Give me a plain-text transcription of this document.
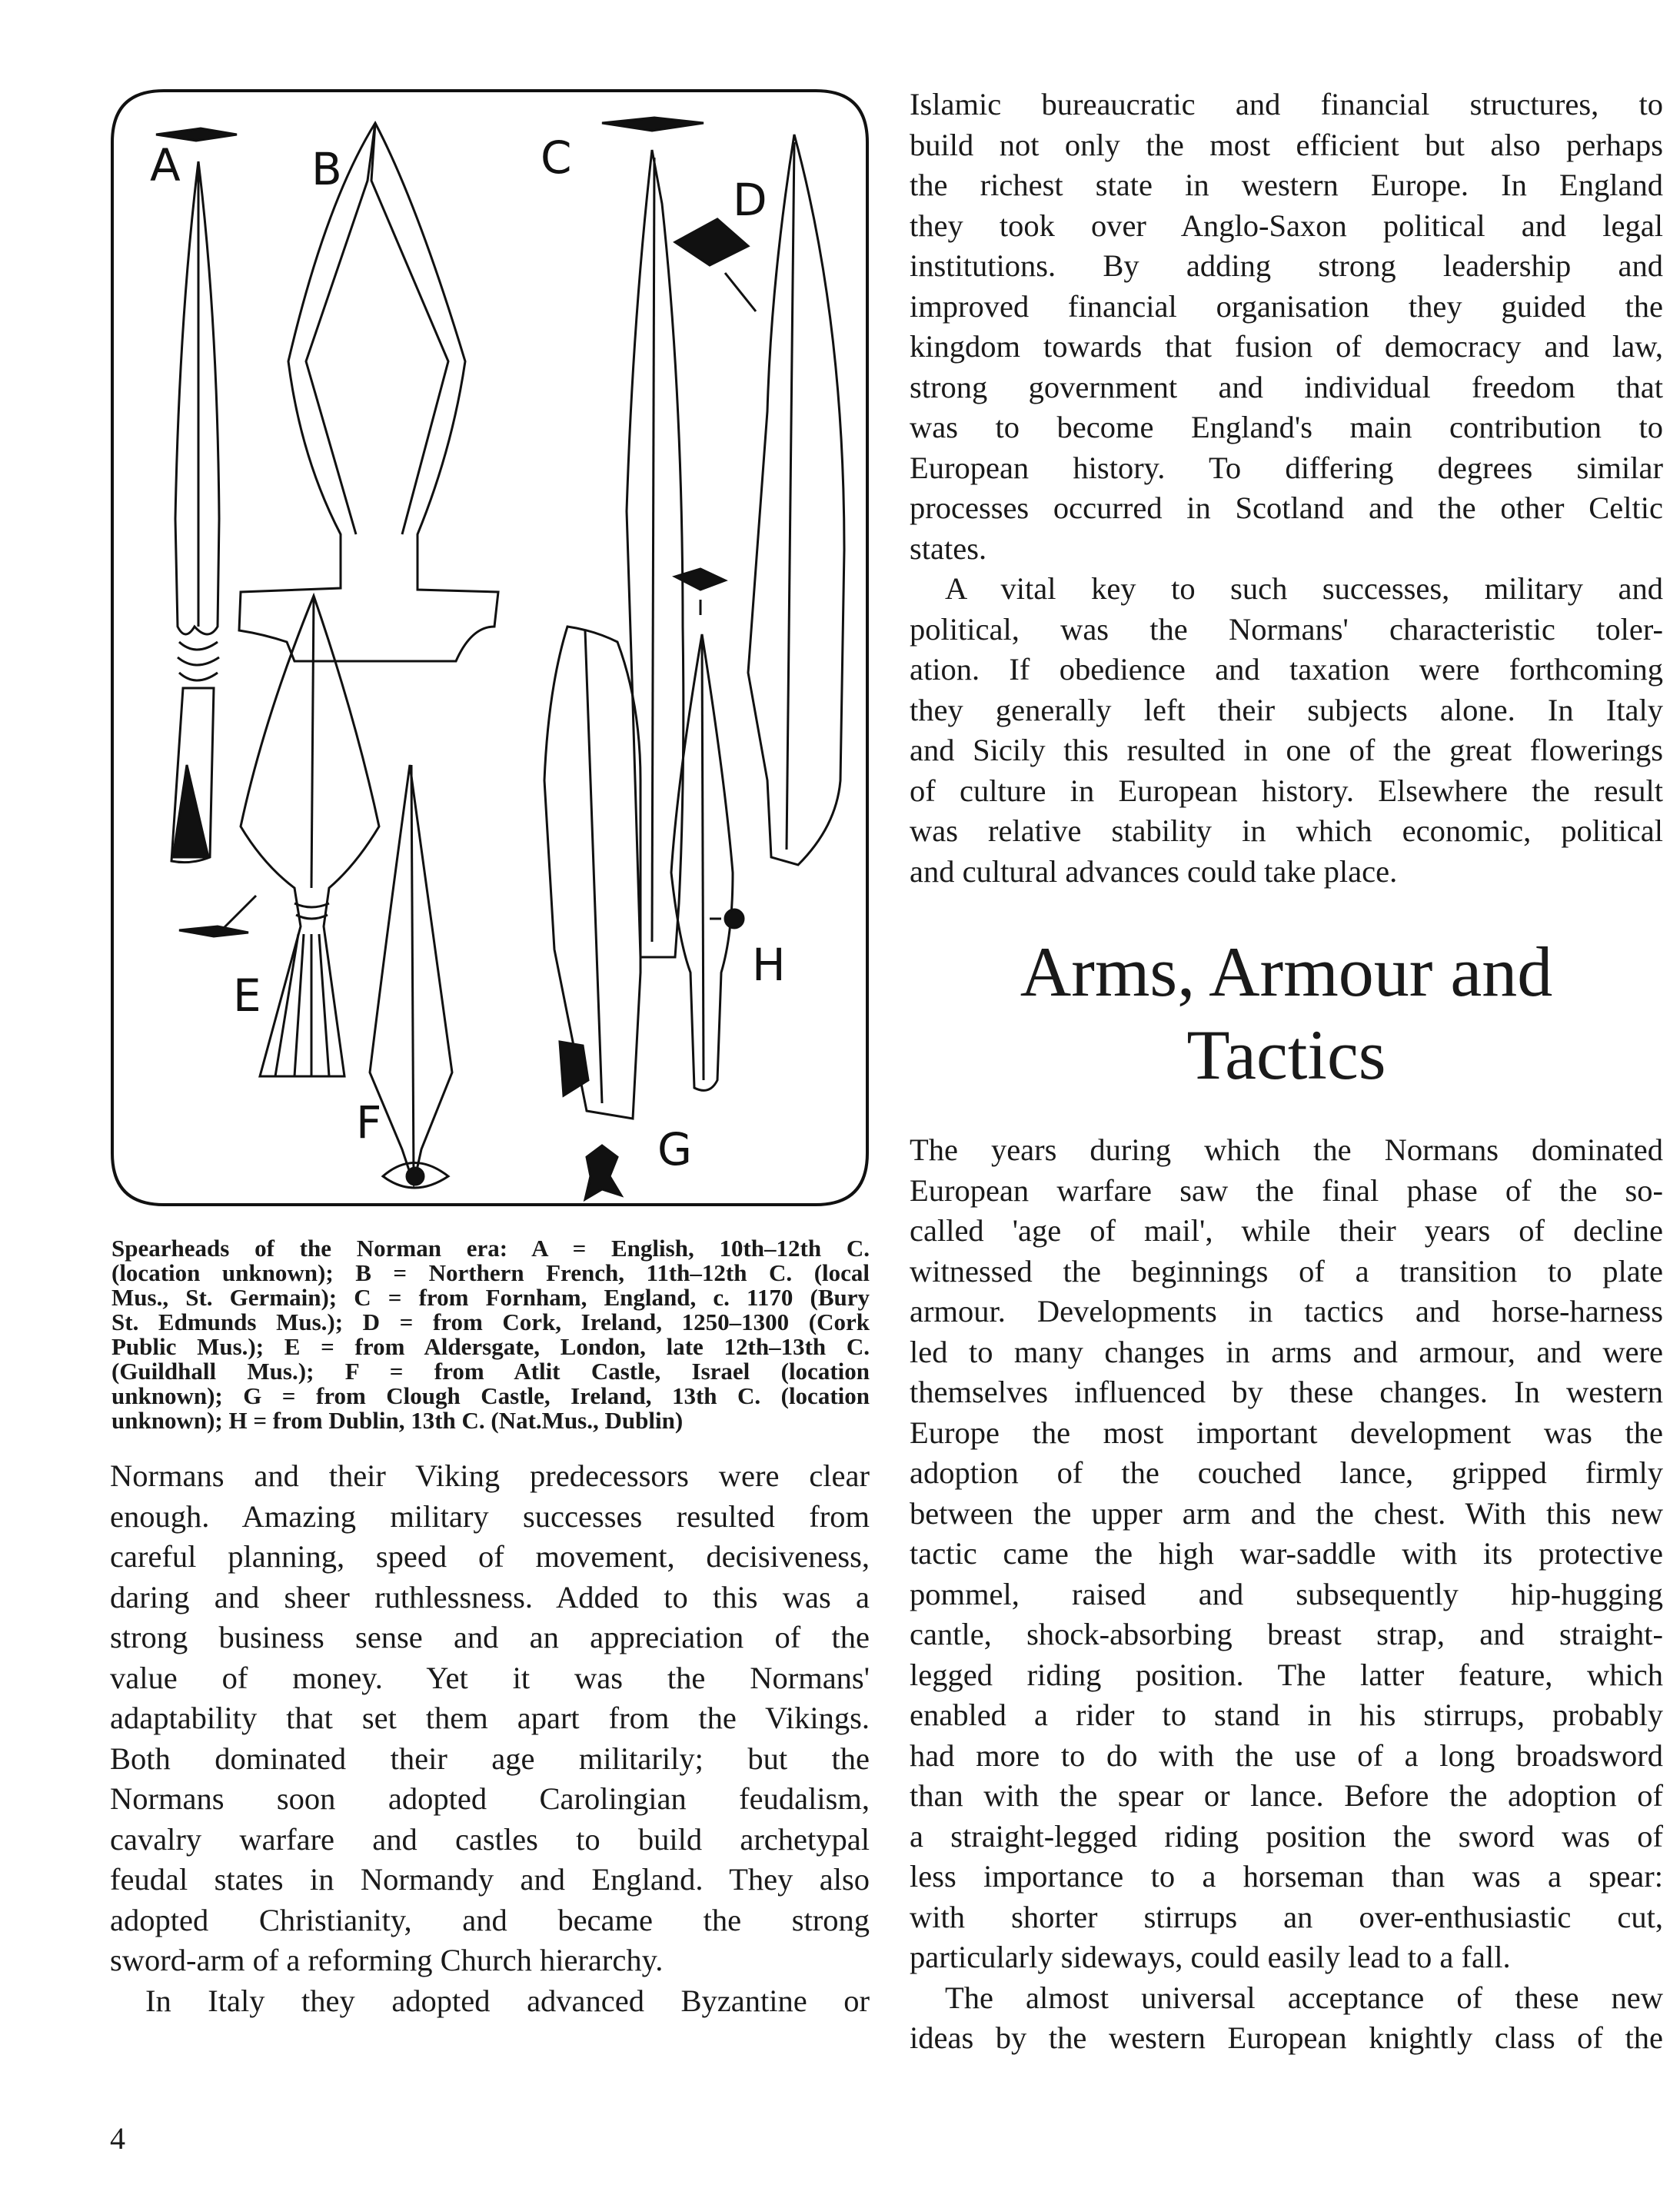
A	B	C
D
E
F
G
H
Spearheads of the Norman era: A = English, 10th–12th C.
(location unknown); B = Northern French, 11th–12th C. (local
Mus., St. Germain); C = from Fornham, England, c. 1170 (Bury
St. Edmunds Mus.); D = from Cork, Ireland, 1250–1300 (Cork
Public Mus.); E = from Aldersgate, London, late 12th–13th C.
(Guildhall Mus.); F = from Atlit Castle, Israel (location
unknown); G = from Clough Castle, Ireland, 13th C. (location
unknown); H = from Dublin, 13th C. (Nat.Mus., Dublin)
Normans and their Viking predecessors were clear
enough. Amazing military successes resulted from
careful planning, speed of movement, decisiveness,
daring and sheer ruthlessness. Added to this was a
strong business sense and an appreciation of the
value of money. Yet it was the Normans'
adaptability that set them apart from the Vikings.
Both dominated their age militarily; but the
Normans soon adopted Carolingian feudalism,
cavalry warfare and castles to build archetypal
feudal states in Normandy and England. They also
adopted Christianity, and became the strong
sword-arm of a reforming Church hierarchy.
In Italy they adopted advanced Byzantine or
Islamic bureaucratic and financial structures, to
build not only the most efficient but also perhaps
the richest state in western Europe. In England
they took over Anglo-Saxon political and legal
institutions. By adding strong leadership and
improved financial organisation they guided the
kingdom towards that fusion of democracy and law,
strong government and individual freedom that
was to become England's main contribution to
European history. To differing degrees similar
processes occurred in Scotland and the other Celtic
states.
A vital key to such successes, military and
political, was the Normans' characteristic toler-
ation. If obedience and taxation were forthcoming
they generally left their subjects alone. In Italy
and Sicily this resulted in one of the great flowerings
of culture in European history. Elsewhere the result
was relative stability in which economic, political
and cultural advances could take place.
Arms, Armour and
Tactics
The years during which the Normans dominated
European warfare saw the final phase of the so-
called 'age of mail', while their years of decline
witnessed the beginnings of a transition to plate
armour. Developments in tactics and horse-harness
led to many changes in arms and armour, and were
themselves influenced by these changes. In western
Europe the most important development was the
adoption of the couched lance, gripped firmly
between the upper arm and the chest. With this new
tactic came the high war-saddle with its protective
pommel, raised and subsequently hip-hugging
cantle, shock-absorbing breast strap, and straight-
legged riding position. The latter feature, which
enabled a rider to stand in his stirrups, probably
had more to do with the use of a long broadsword
than with the spear or lance. Before the adoption of
a straight-legged riding position the sword was of
less importance to a horseman than was a spear:
with shorter stirrups an over-enthusiastic cut,
particularly sideways, could easily lead to a fall.
The almost universal acceptance of these new
ideas by the western European knightly class of the
4
